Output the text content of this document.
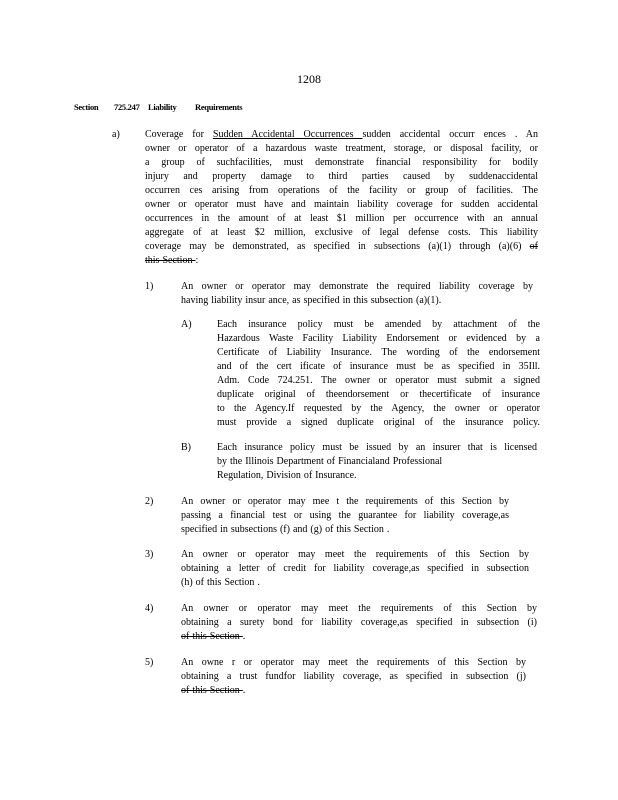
1208
Section 725.247 Liability Requirements
a)	Coverage for Sudden Accidental Occurrences sudden accidental occurr ences . An
owner or operator of a hazardous waste treatment, storage, or disposal facility, or
a group of suchfacilities, must demonstrate financial responsibility for bodily
injury and property damage to third parties caused by suddenaccidental
occurren ces arising from operations of the facility or group of facilities. The
owner or operator must have and maintain liability coverage for sudden accidental
occurrences in the amount of at least $1 million per occurrence with an annual
aggregate of at least $2 million, exclusive of legal defense costs. This liability
coverage may be demonstrated, as specified in subsections (a)(1) through (a)(6) of
this Section :
1)	An owner or operator may demonstrate the required liability coverage by
having liability insur ance, as specified in this subsection (a)(1).
A)	Each insurance policy must be amended by attachment of the
Hazardous Waste Facility Liability Endorsement or evidenced by a
Certificate of Liability Insurance. The wording of the endorsement
and of the cert ificate of insurance must be as specified in 35Ill.
Adm. Code 724.251. The owner or operator must submit a signed
duplicate original of theendorsement or thecertificate of insurance
to the Agency.If requested by the Agency, the owner or operator
must provide a signed duplicate original of the insurance policy.
B)	Each insurance policy must be issued by an insurer that is licensed
by the Illinois Department of Financialand Professional
Regulation, Division of Insurance.
2)	An owner or operator may mee t the requirements of this Section by
passing a financial test or using the guarantee for liability coverage,as
specified in subsections (f) and (g) of this Section .
3)	An owner or operator may meet the requirements of this Section by
obtaining a letter of credit for liability coverage,as specified in subsection
(h) of this Section .
4)	An owner or operator may meet the requirements of this Section by
obtaining a surety bond for liability coverage,as specified in subsection (i)
of this Section .
5)	An owne r or operator may meet the requirements of this Section by
obtaining a trust fundfor liability coverage, as specified in subsection (j)
of this Section .
